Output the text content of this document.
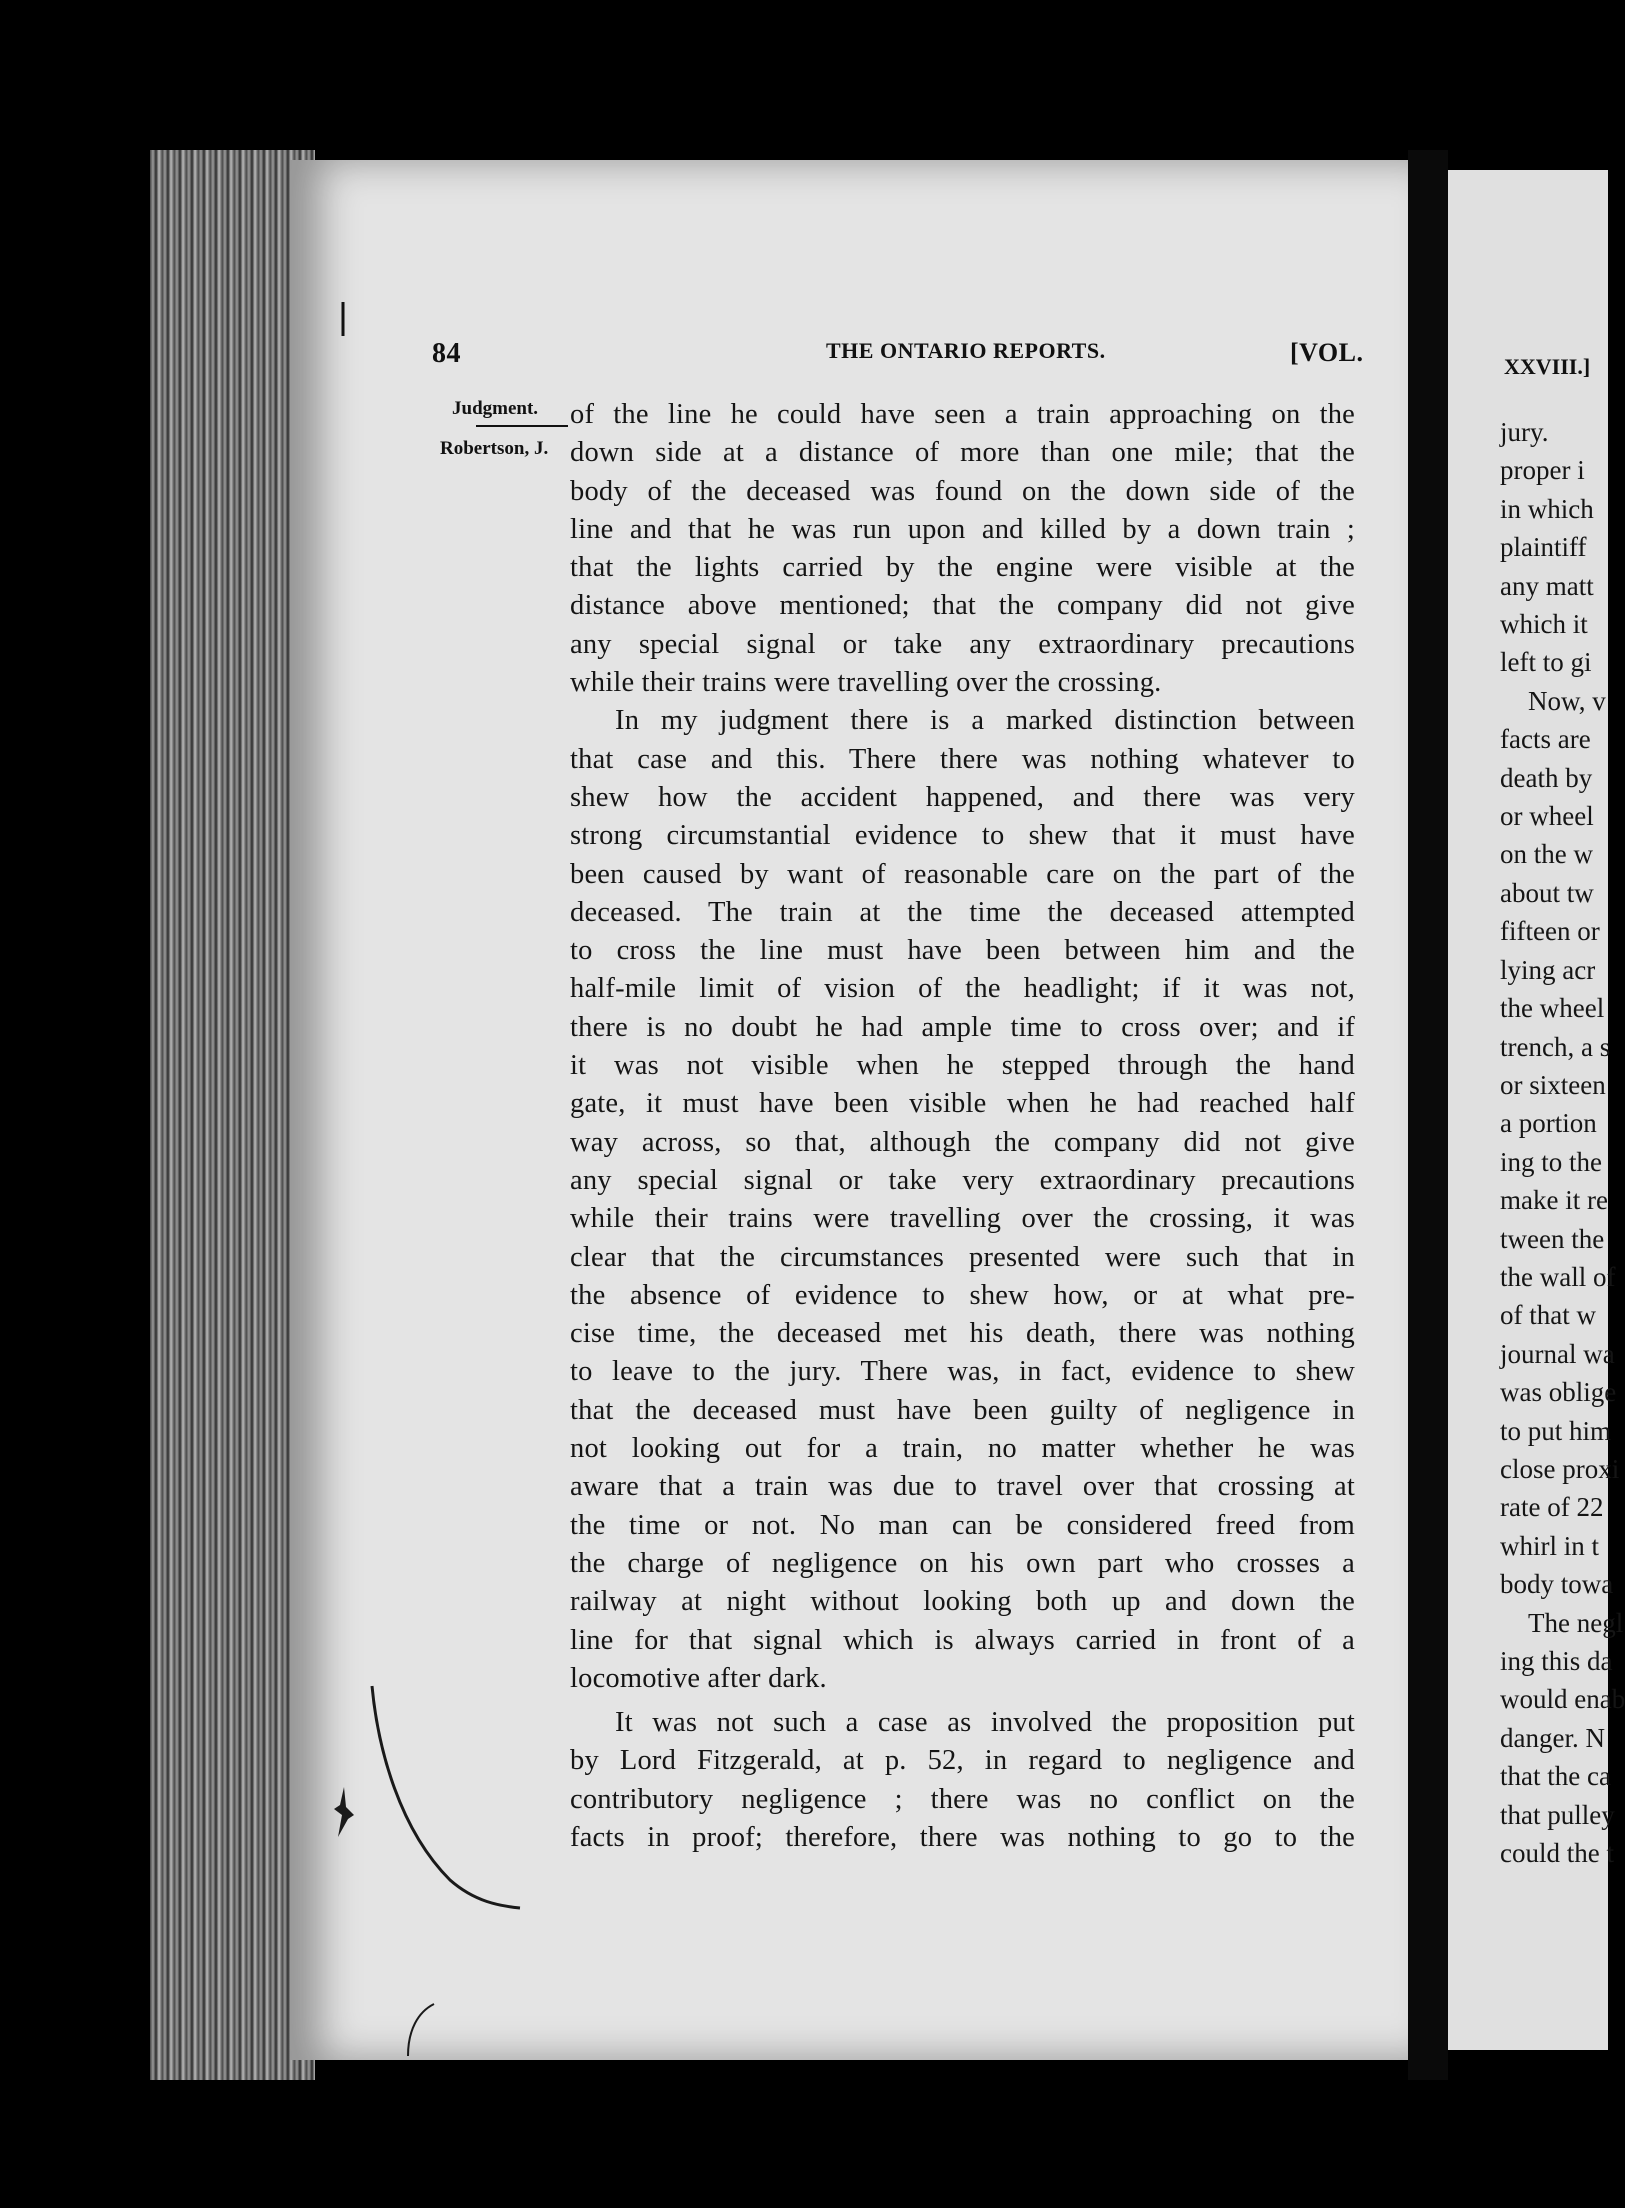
XXVIII.]
jury.
proper i
in which
plaintiff
any matt
which it
left to gi
Now, v
facts are
death by
or wheel
on the w
about tw
fifteen or
lying acr
the wheel
trench, a s
or sixteen
a portion
ing to the
make it re
tween the
the wall of
of that w
journal wa
was oblige
to put him
close proxi
rate of 22
whirl in t
body towa
The negl
ing this da
would enab
danger. N
that the ca
that pulley
could the t
84	THE ONTARIO REPORTS.	[VOL.
Judgment.
Robertson, J.
of the line he could have seen a train approaching on the
down side at a distance of more than one mile; that the
body of the deceased was found on the down side of the
line and that he was run upon and killed by a down train ;
that the lights carried by the engine were visible at the
distance above mentioned; that the company did not give
any special signal or take any extraordinary precautions
while their trains were travelling over the crossing.
In my judgment there is a marked distinction between
that case and this. There there was nothing whatever to
shew how the accident happened, and there was very
strong circumstantial evidence to shew that it must have
been caused by want of reasonable care on the part of the
deceased. The train at the time the deceased attempted
to cross the line must have been between him and the
half-mile limit of vision of the headlight; if it was not,
there is no doubt he had ample time to cross over; and if
it was not visible when he stepped through the hand
gate, it must have been visible when he had reached half
way across, so that, although the company did not give
any special signal or take very extraordinary precautions
while their trains were travelling over the crossing, it was
clear that the circumstances presented were such that in
the absence of evidence to shew how, or at what pre-
cise time, the deceased met his death, there was nothing
to leave to the jury. There was, in fact, evidence to shew
that the deceased must have been guilty of negligence in
not looking out for a train, no matter whether he was
aware that a train was due to travel over that crossing at
the time or not. No man can be considered freed from
the charge of negligence on his own part who crosses a
railway at night without looking both up and down the
line for that signal which is always carried in front of a
locomotive after dark.
It was not such a case as involved the proposition put
by Lord Fitzgerald, at p. 52, in regard to negligence and
contributory negligence ; there was no conflict on the
facts in proof; therefore, there was nothing to go to the
